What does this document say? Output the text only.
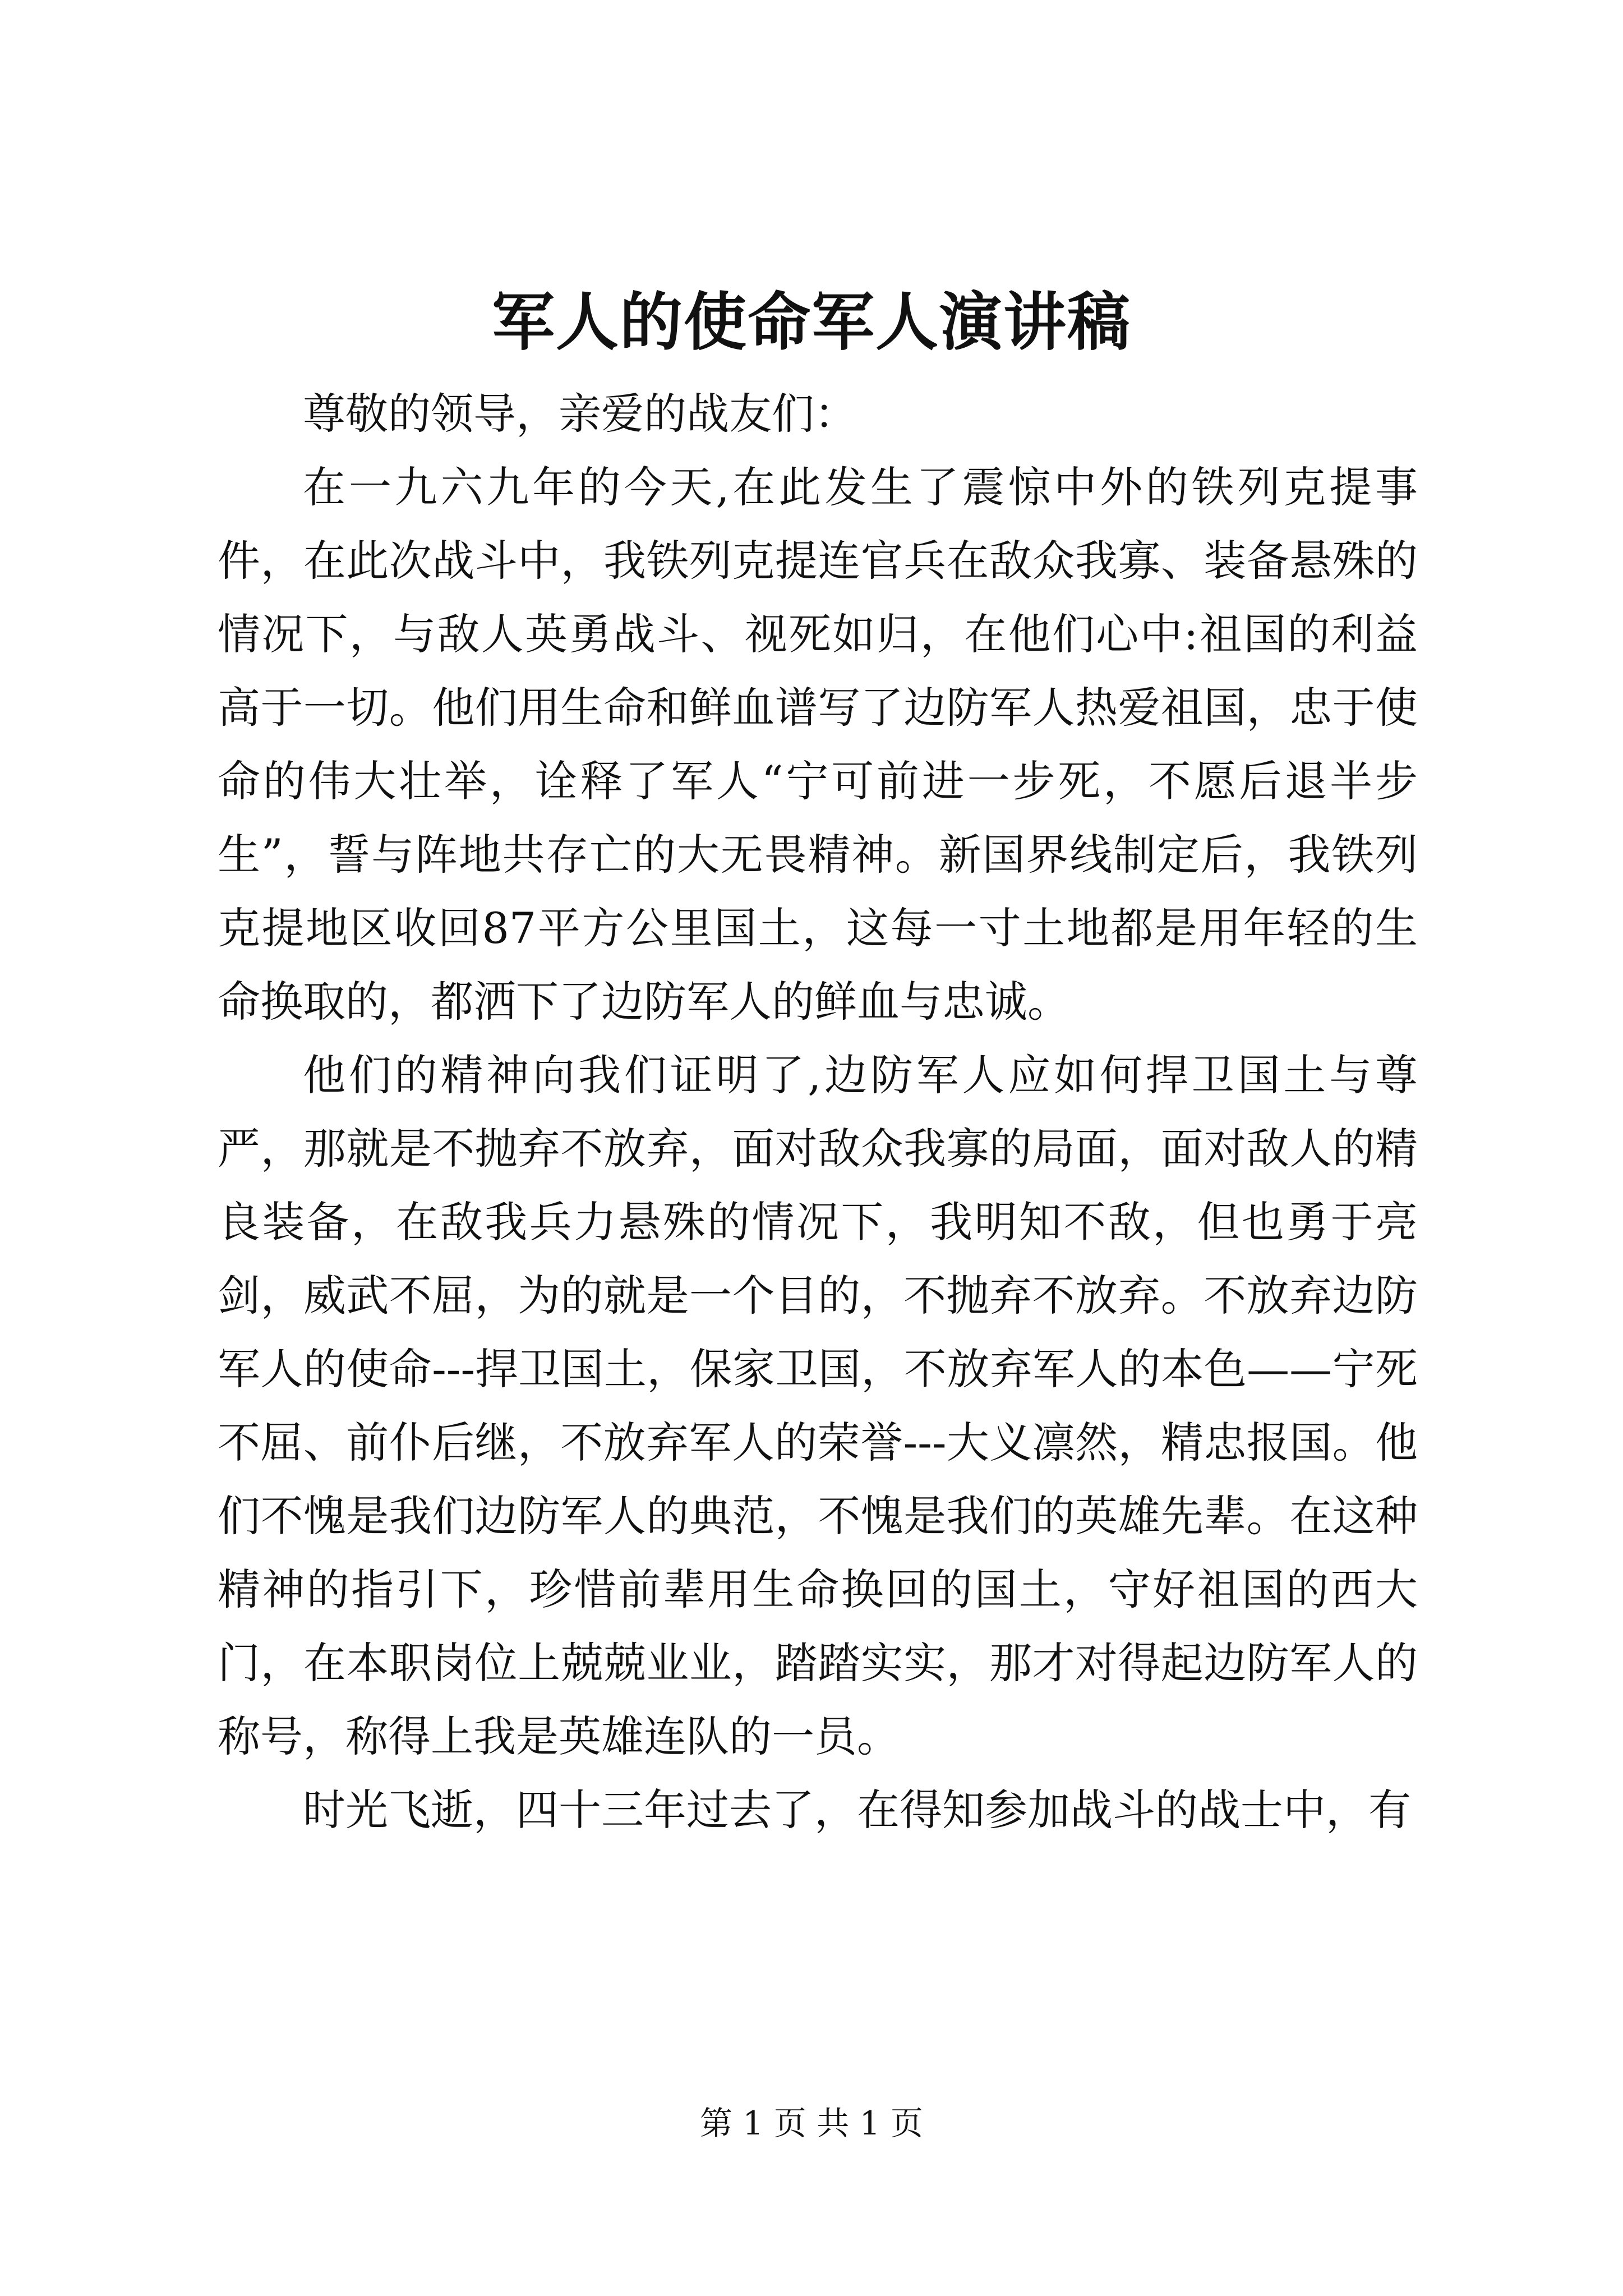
军人的使命军人演讲稿

尊敬的领导，亲爱的战友们：

在一九六九年的今天,在此发生了震惊中外的铁列克提事件，在此次战斗中，我铁列克提连官兵在敌众我寡、装备悬殊的情况下，与敌人英勇战斗、视死如归，在他们心中:祖国的利益高于一切。他们用生命和鲜血谱写了边防军人热爱祖国，忠于使命的伟大壮举，诠释了军人“宁可前进一步死，不愿后退半步生”，誓与阵地共存亡的大无畏精神。新国界线制定后，我铁列克提地区收回87平方公里国土，这每一寸土地都是用年轻的生命换取的，都洒下了边防军人的鲜血与忠诚。

他们的精神向我们证明了,边防军人应如何捍卫国土与尊严，那就是不抛弃不放弃，面对敌众我寡的局面，面对敌人的精良装备，在敌我兵力悬殊的情况下，我明知不敌，但也勇于亮剑，威武不屈，为的就是一个目的，不抛弃不放弃。不放弃边防军人的使命---捍卫国土，保家卫国，不放弃军人的本色——宁死不屈、前仆后继，不放弃军人的荣誉---大义凛然，精忠报国。他们不愧是我们边防军人的典范，不愧是我们的英雄先辈。在这种精神的指引下，珍惜前辈用生命换回的国土，守好祖国的西大门，在本职岗位上兢兢业业，踏踏实实，那才对得起边防军人的称号，称得上我是英雄连队的一员。

时光飞逝，四十三年过去了，在得知参加战斗的战士中，有

第 1 页 共 1 页
